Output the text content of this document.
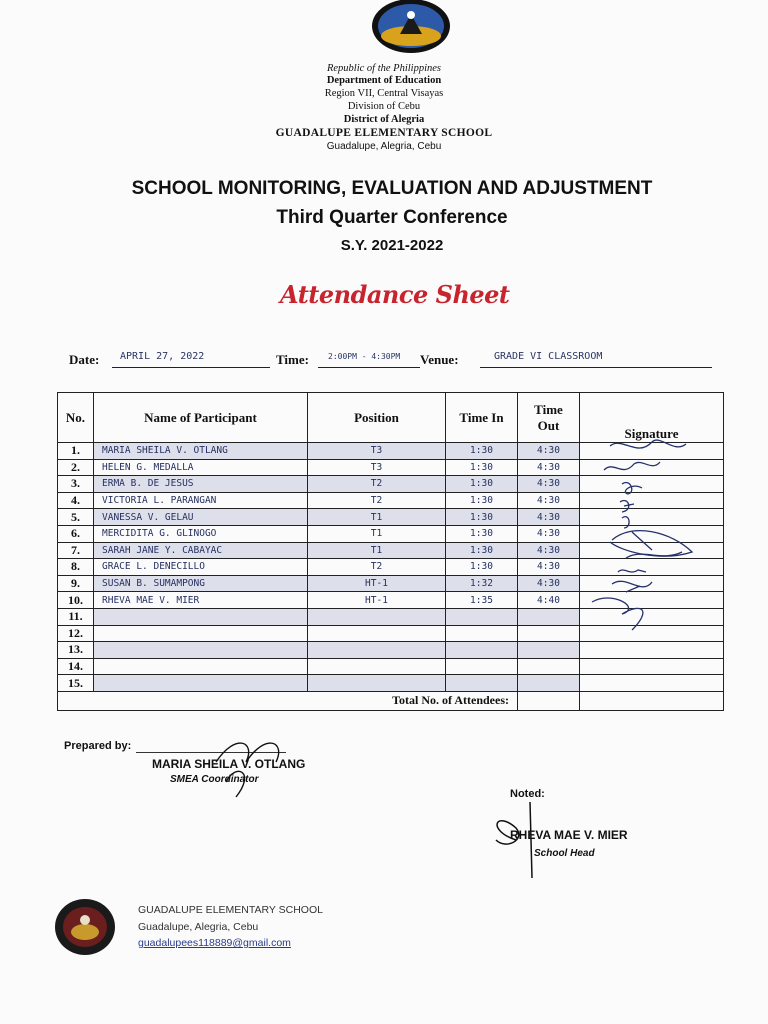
Republic of the Philippines
Department of Education
Region VII, Central Visayas
Division of Cebu
District of Alegria
GUADALUPE ELEMENTARY SCHOOL
Guadalupe, Alegria, Cebu
SCHOOL MONITORING, EVALUATION AND ADJUSTMENT
Third Quarter Conference
S.Y. 2021-2022
Attendance Sheet
Date:	APRIL 27, 2022	Time:	2:00PM - 4:30PM	Venue:	GRADE VI CLASSROOM
No.	Name of Participant	Position	Time In	Time Out	Signature
1.	MARIA SHEILA V. OTLANG	T3	1:30	4:30	
2.	HELEN G. MEDALLA	T3	1:30	4:30	
3.	ERMA B. DE JESUS	T2	1:30	4:30	
4.	VICTORIA L. PARANGAN	T2	1:30	4:30	
5.	VANESSA V. GELAU	T1	1:30	4:30	
6.	MERCIDITA G. GLINOGO	T1	1:30	4:30	
7.	SARAH JANE Y. CABAYAC	T1	1:30	4:30	
8.	GRACE L. DENECILLO	T2	1:30	4:30	
9.	SUSAN B. SUMAMPONG	HT-1	1:32	4:30	
10.	RHEVA MAE V. MIER	HT-1	1:35	4:40	
11.					
12.					
13.					
14.					
15.					
Total No. of Attendees:					
Prepared by:
MARIA SHEILA V. OTLANG
SMEA Coordinator
Noted:
RHEVA MAE V. MIER
School Head
GUADALUPE ELEMENTARY SCHOOL
Guadalupe, Alegria, Cebu
guadalupees118889@gmail.com
